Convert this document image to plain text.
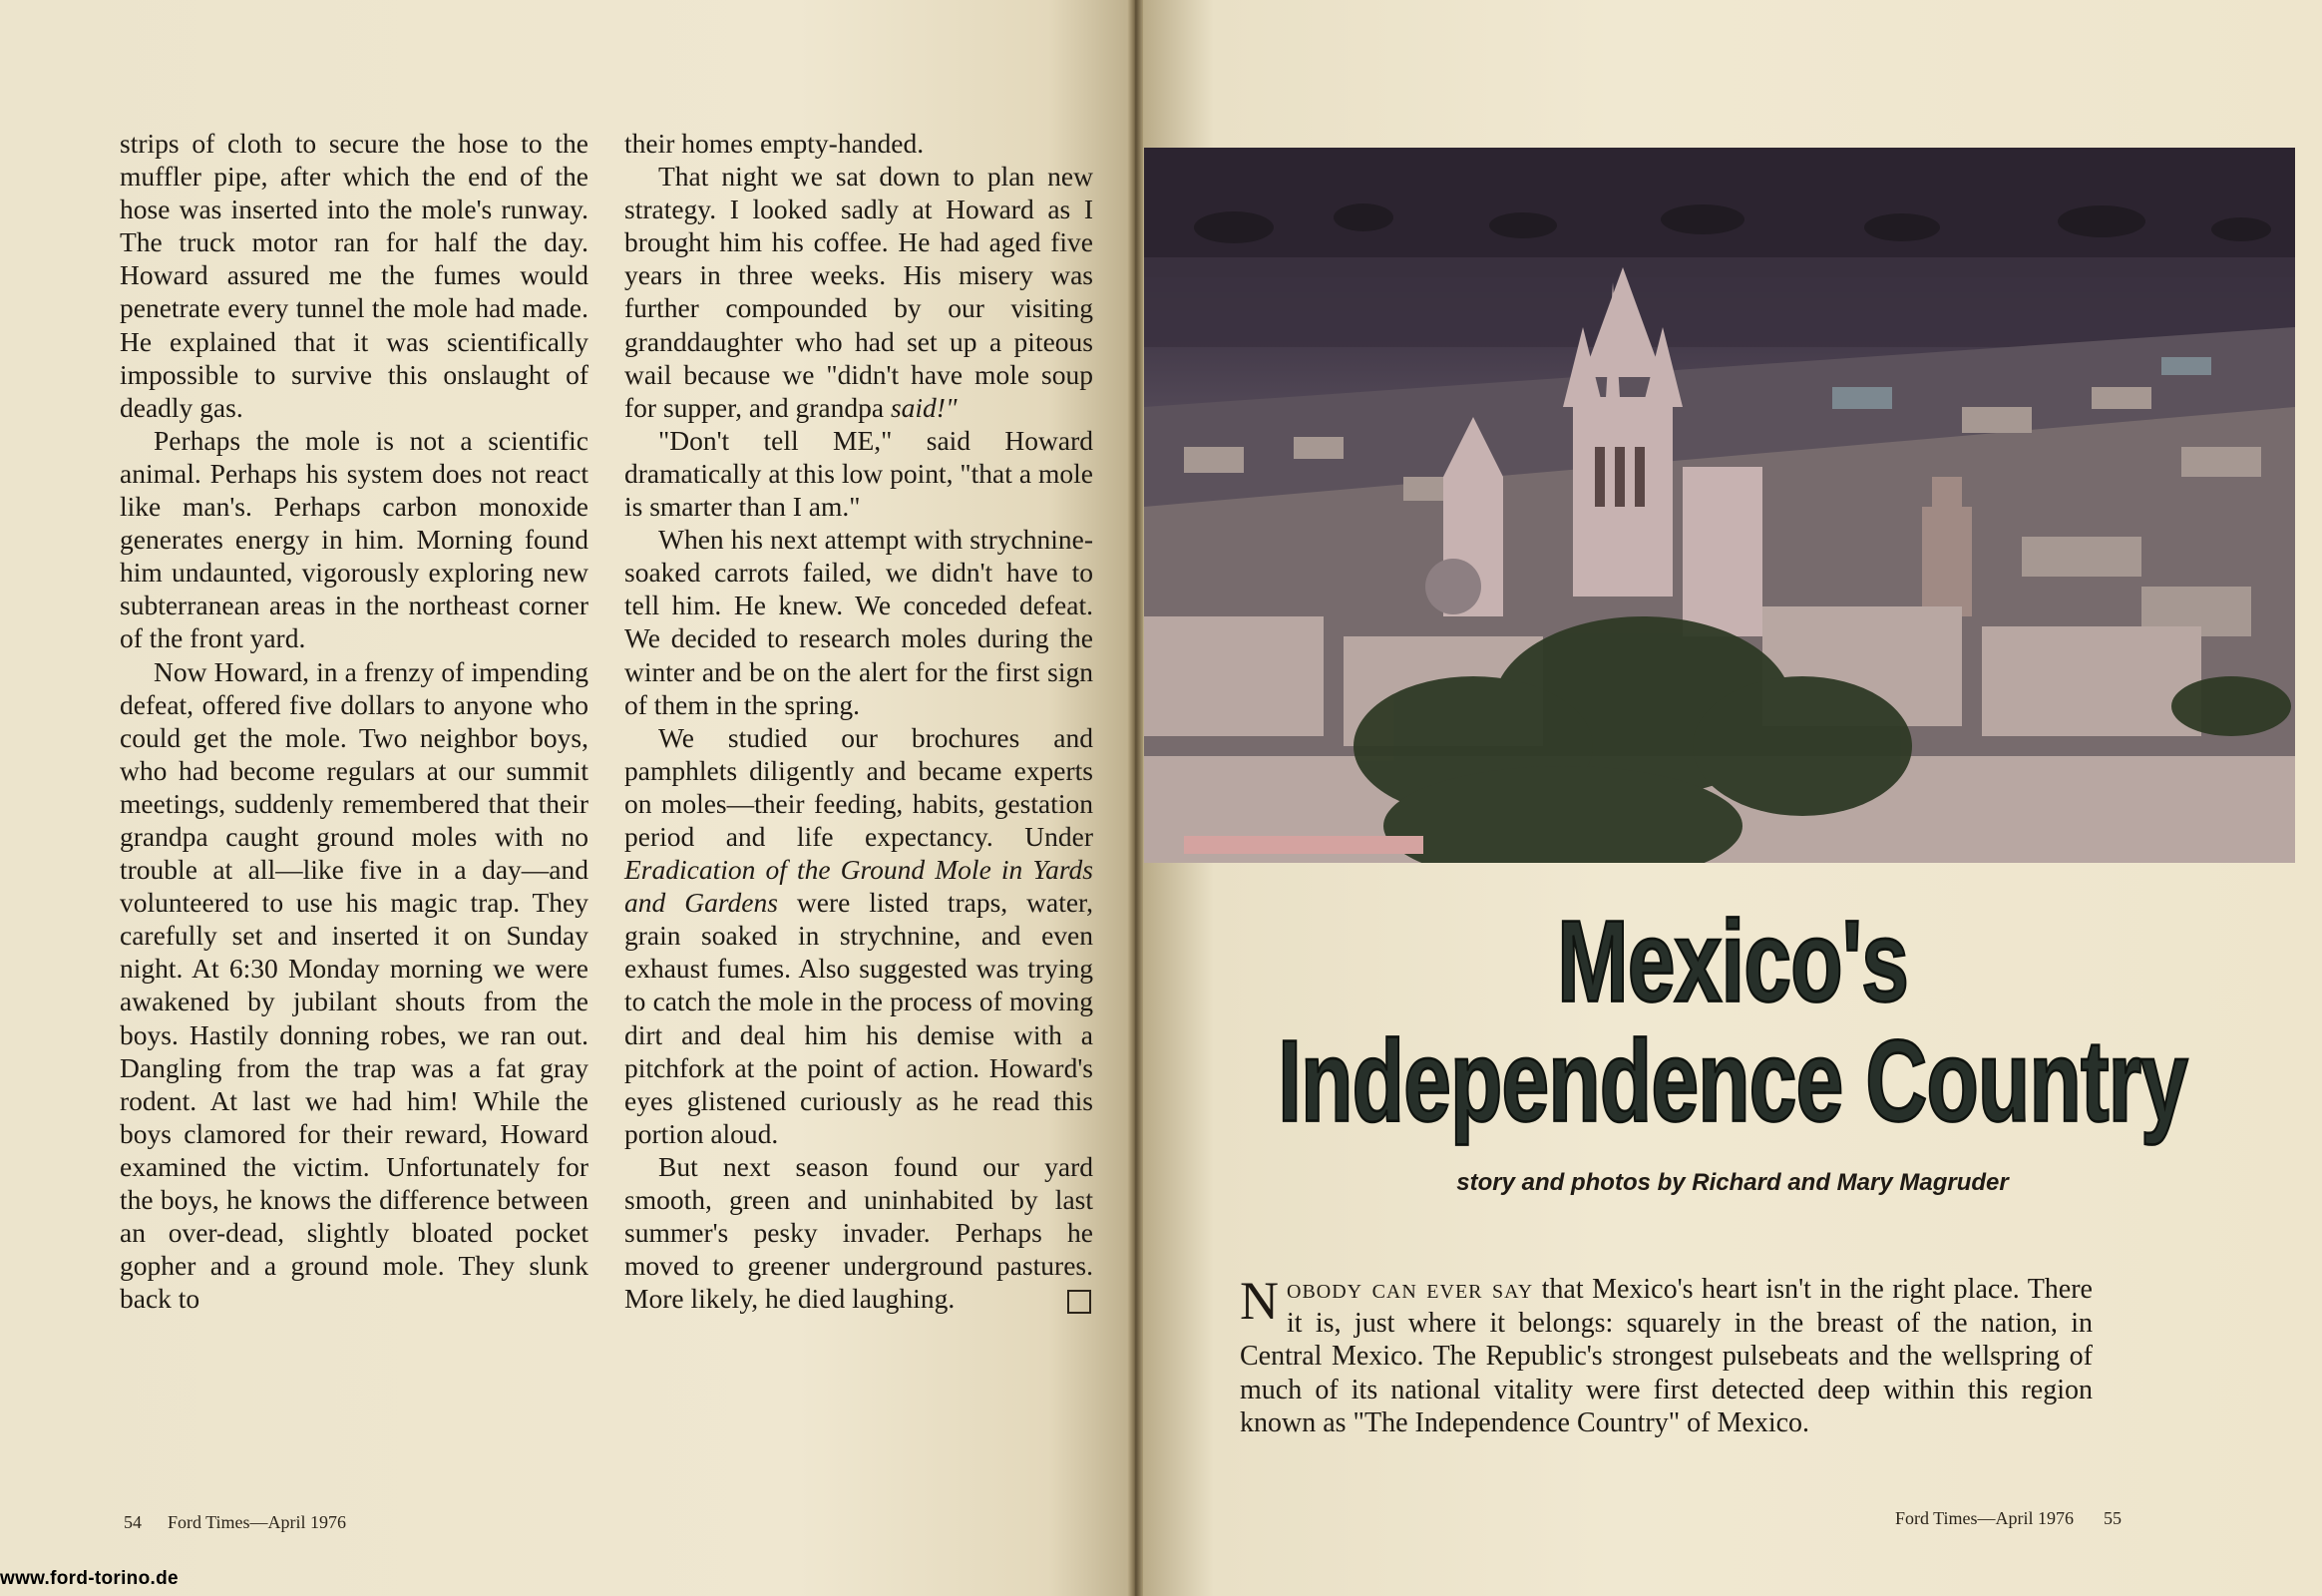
strips of cloth to secure the hose to the muffler pipe, after which the end of the hose was inserted into the mole's runway. The truck motor ran for half the day. Howard assured me the fumes would penetrate every tunnel the mole had made. He explained that it was scientifically impossible to survive this onslaught of deadly gas.

Perhaps the mole is not a scientific animal. Perhaps his system does not react like man's. Perhaps carbon monoxide generates energy in him. Morning found him undaunted, vigorously exploring new subterranean areas in the northeast corner of the front yard.

Now Howard, in a frenzy of impending defeat, offered five dollars to anyone who could get the mole. Two neighbor boys, who had become regulars at our summit meetings, suddenly remembered that their grandpa caught ground moles with no trouble at all—like five in a day—and volunteered to use his magic trap. They carefully set and inserted it on Sunday night. At 6:30 Monday morning we were awakened by jubilant shouts from the boys. Hastily donning robes, we ran out. Dangling from the trap was a fat gray rodent. At last we had him! While the boys clamored for their reward, Howard examined the victim. Unfortunately for the boys, he knows the difference between an over-dead, slightly bloated pocket gopher and a ground mole. They slunk back to

their homes empty-handed.

That night we sat down to plan new strategy. I looked sadly at Howard as I brought him his coffee. He had aged five years in three weeks. His misery was further compounded by our visiting granddaughter who had set up a piteous wail because we "didn't have mole soup for supper, and grandpa said!"

"Don't tell ME," said Howard dramatically at this low point, "that a mole is smarter than I am."

When his next attempt with strychnine-soaked carrots failed, we didn't have to tell him. He knew. We conceded defeat. We decided to research moles during the winter and be on the alert for the first sign of them in the spring.

We studied our brochures and pamphlets diligently and became experts on moles—their feeding, habits, gestation period and life expectancy. Under Eradication of the Ground Mole in Yards and Gardens were listed traps, water, grain soaked in strychnine, and even exhaust fumes. Also suggested was trying to catch the mole in the process of moving dirt and deal him his demise with a pitchfork at the point of action. Howard's eyes glistened curiously as he read this portion aloud.

But next season found our yard smooth, green and uninhabited by last summer's pesky invader. Perhaps he moved to greener underground pastures. More likely, he died laughing.

54 Ford Times—April 1976
www.ford-torino.de
Mexico's
Independence Country
story and photos by Richard and Mary Magruder
Nobody can ever say that Mexico's heart isn't in the right place. There it is, just where it belongs: squarely in the breast of the nation, in Central Mexico. The Republic's strongest pulsebeats and the wellspring of much of its national vitality were first detected deep within this region known as "The Independence Country" of Mexico.
Ford Times—April 1976 55
